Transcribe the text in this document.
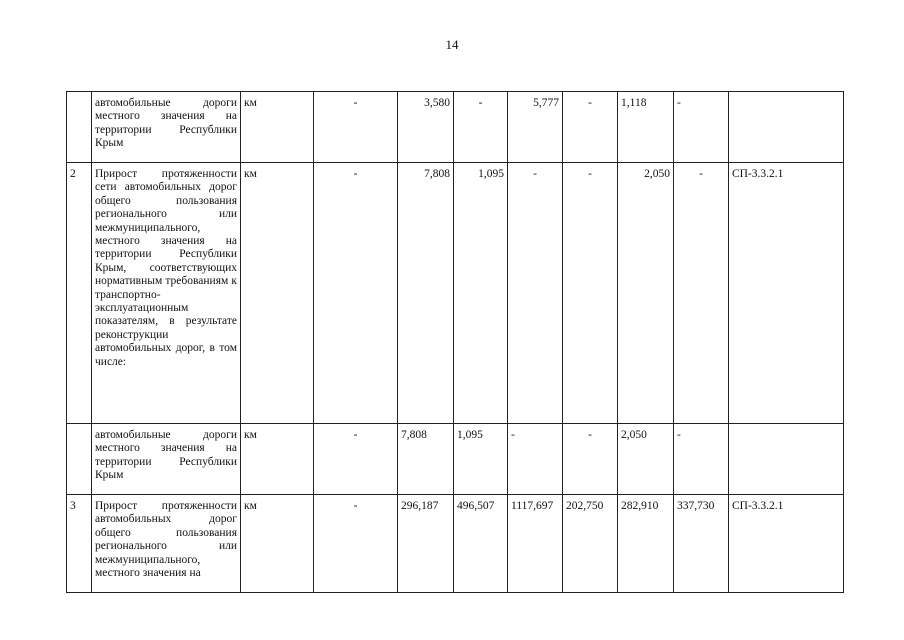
14
	автомобильные дороги местного значения на территории Республики Крым	км	-	3,580	-	5,777	-	1,118	-	
2	Прирост протяженности сети автомобильных дорог общего пользования регионального или межмуниципального, местного значения на территории Республики Крым, соответствующих нормативным требованиям к транспортно-эксплуатационным показателям, в результате реконструкции автомобильных дорог, в том числе:	км	-	7,808	1,095	-	-	2,050	-	СП-3.3.2.1
	автомобильные дороги местного значения на территории Республики Крым	км	-	7,808	1,095	-	-	2,050	-	
3	Прирост протяженности автомобильных дорог общего пользования регионального или межмуниципального, местного значения на	км	-	296,187	496,507	1117,697	202,750	282,910	337,730	СП-3.3.2.1
